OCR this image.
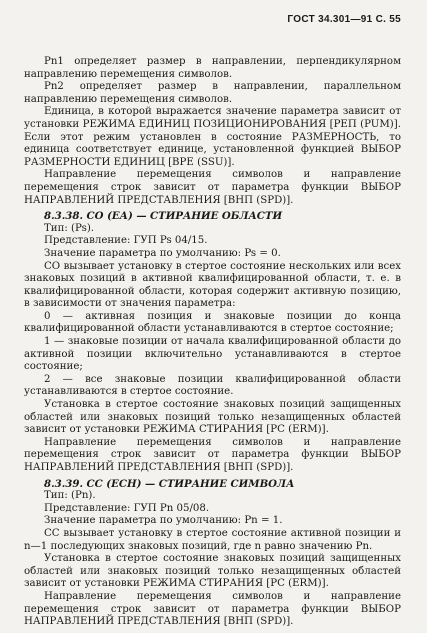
ГОСТ 34.301—91 С. 55

Pn1 определяет размер в направлении, перпендикулярном направлению перемещения символов.

Pn2 определяет размер в направлении, параллельном направлению перемещения символов.

Единица, в которой выражается значение параметра зависит от установки РЕЖИМА ЕДИНИЦ ПОЗИЦИОНИРОВАНИЯ [РЕП (PUM)]. Если этот режим установлен в состояние РАЗМЕРНОСТЬ, то единица соответствует единице, установленной функцией ВЫБОР РАЗМЕРНОСТИ ЕДИНИЦ [ВРЕ (SSU)].

Направление перемещения символов и направление перемещения строк зависит от параметра функции ВЫБОР НАПРАВЛЕНИЙ ПРЕДСТАВЛЕНИЯ [ВНП (SPD)].

8.3.38. СО (ЕА) — СТИРАНИЕ ОБЛАСТИ

Тип: (Ps).

Представление: ГУП Ps 04/15.

Значение параметра по умолчанию: Ps = 0.

СО вызывает установку в стертое состояние нескольких или всех знаковых позиций в активной квалифицированной области, т. е. в квалифицированной области, которая содержит активную позицию, в зависимости от значения параметра:

0 — активная позиция и знаковые позиции до конца квалифицированной области устанавливаются в стертое состояние;

1 — знаковые позиции от начала квалифицированной области до активной позиции включительно устанавливаются в стертое состояние;

2 — все знаковые позиции квалифицированной области устанавливаются в стертое состояние.

Установка в стертое состояние знаковых позиций защищенных областей или знаковых позиций только незащищенных областей зависит от установки РЕЖИМА СТИРАНИЯ [РС (ERM)].

Направление перемещения символов и направление перемещения строк зависит от параметра функции ВЫБОР НАПРАВЛЕНИЙ ПРЕДСТАВЛЕНИЯ [ВНП (SPD)].

8.3.39. СС (ЕСН) — СТИРАНИЕ СИМВОЛА

Тип: (Pn).

Представление: ГУП Pn 05/08.

Значение параметра по умолчанию: Pn = 1.

СС вызывает установку в стертое состояние активной позиции и n—1 последующих знаковых позиций, где n равно значению Pn.

Установка в стертое состояние знаковых позиций защищенных областей или знаковых позиций только незащищенных областей зависит от установки РЕЖИМА СТИРАНИЯ [РС (ERM)].

Направление перемещения символов и направление перемещения строк зависит от параметра функции ВЫБОР НАПРАВЛЕНИЙ ПРЕДСТАВЛЕНИЯ [ВНП (SPD)].
